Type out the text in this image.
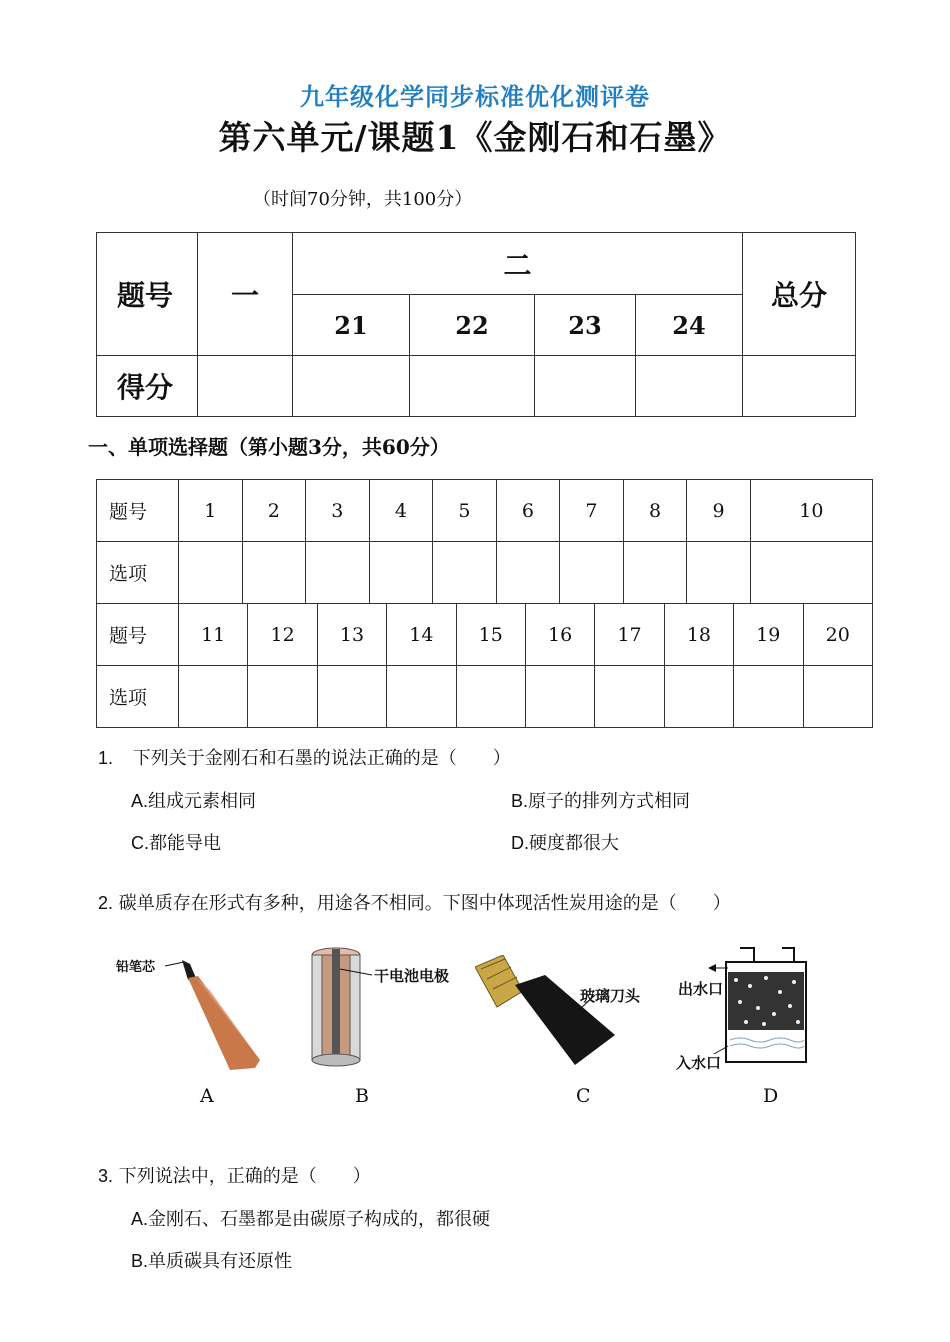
九年级化学同步标准优化测评卷
第六单元/课题1《金刚石和石墨》
（时间70分钟，共100分）
题号	一	二				总分
		21	22	23	24	
得分						
一、单项选择题（第小题3分，共60分）
题号	1	2	3	4	5	6	7	8	9	10
选项										
题号	11	12	13	14	15	16	17	18	19	20
选项										
1. 下列关于金刚石和石墨的说法正确的是（　　）
A.组成元素相同	B.原子的排列方式相同
C.都能导电	D.硬度都很大
2. 碳单质存在形式有多种，用途各不相同。下图中体现活性炭用途的是（　　）
铅笔芯
A
干电池电极
B
玻璃刀头
C
出水口
入水口
D
3. 下列说法中，正确的是（　　）
A.金刚石、石墨都是由碳原子构成的，都很硬
B.单质碳具有还原性
